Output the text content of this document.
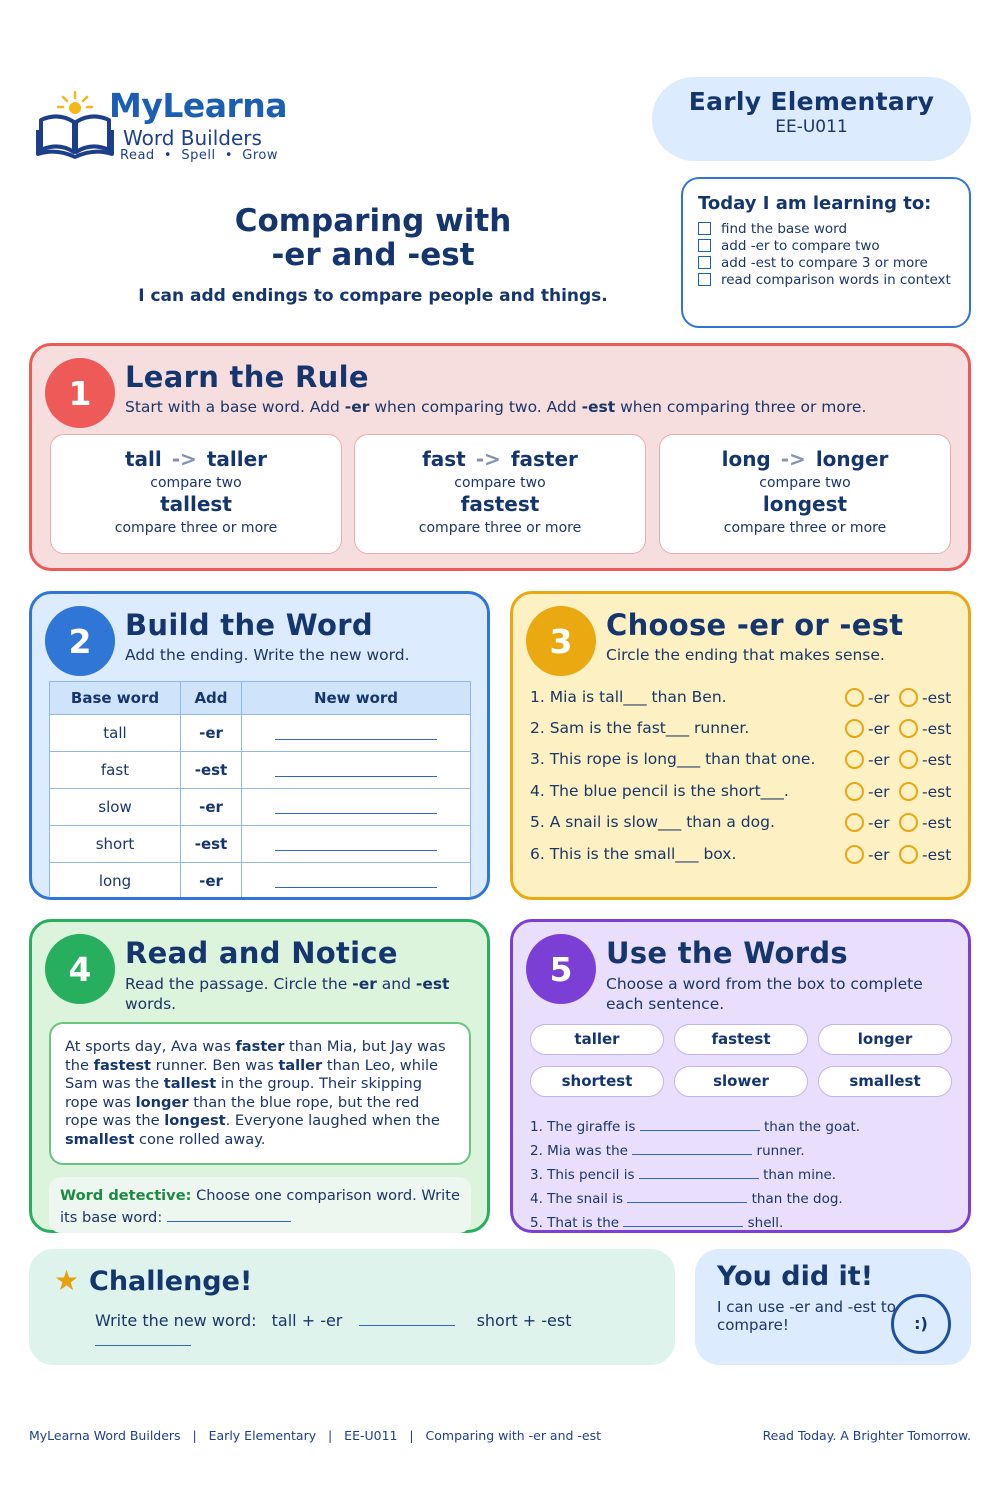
MyLearna
Word Builders
Read  •  Spell  •  Grow
Early Elementary
EE-U011
Comparing with
-er and -est

I can add endings to compare people and things.

Today I am learning to:
find the base word
add -er to compare two
add -est to compare 3 or more
read comparison words in context
1	Learn the Rule
Start with a base word. Add -er when comparing two. Add -est when comparing three or more.
tall -> taller
compare two
tallest
compare three or more
fast -> faster
compare two
fastest
compare three or more
long -> longer
compare two
longest
compare three or more
2	Build the Word
Add the ending. Write the new word.
Base word	Add	New word
tall	-er	
fast	-est	
slow	-er	
short	-est	
long	-er	
3	Choose -er or -est
Circle the ending that makes sense.
1. Mia is tall___ than Ben.	-er -est
2. Sam is the fast___ runner.	-er -est
3. This rope is long___ than that one.	-er -est
4. The blue pencil is the short___.	-er -est
5. A snail is slow___ than a dog.	-er -est
6. This is the small___ box.	-er -est
4	Read and Notice
Read the passage. Circle the -er and -est
words.
At sports day, Ava was faster than Mia, but Jay was the fastest runner. Ben was taller than Leo, while Sam was the tallest in the group. Their skipping rope was longer than the blue rope, but the red rope was the longest. Everyone laughed when the smallest cone rolled away.
Word detective: Choose one comparison word. Write its base word:
5	Use the Words
Choose a word from the box to complete
each sentence.
taller	fastest	longer
shortest	slower	smallest
1. The giraffe is	than the goat.
2. Mia was the	runner.
3. This pencil is	than mine.
4. The snail is	than the dog.
5. That is the	shell.
★ Challenge!
Write the new word: tall + -er	short + -est
You did it!

I can use -er and -est to compare!	:)
MyLearna Word Builders   |   Early Elementary   |   EE-U011   |   Comparing with -er and -est	Read Today. A Brighter Tomorrow.
